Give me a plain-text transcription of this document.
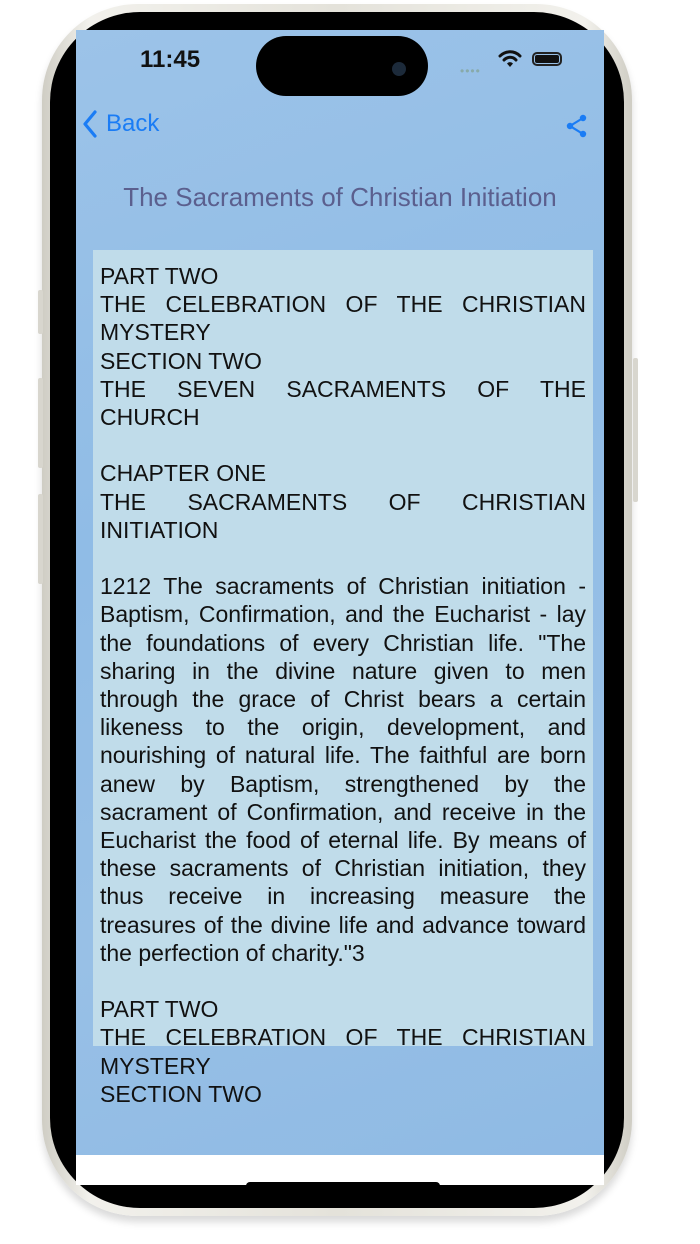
11:45	••••
Back
The Sacraments of Christian Initiation
PART TWO
THE CELEBRATION OF THE CHRISTIAN MYSTERY
SECTION TWO
THE SEVEN SACRAMENTS OF THE CHURCH

CHAPTER ONE
THE SACRAMENTS OF CHRISTIAN INITIATION

1212 The sacraments of Christian initiation - Baptism, Confirmation, and the Eucharist - lay the foundations of every Christian life. "The sharing in the divine nature given to men through the grace of Christ bears a certain likeness to the origin, development, and nourishing of natural life. The faithful are born anew by Baptism, strengthened by the sacrament of Confirmation, and receive in the Eucharist the food of eternal life. By means of these sacraments of Christian initiation, they thus receive in increasing measure the treasures of the divine life and advance toward the perfection of charity."3

PART TWO
THE CELEBRATION OF THE CHRISTIAN MYSTERY
SECTION TWO
